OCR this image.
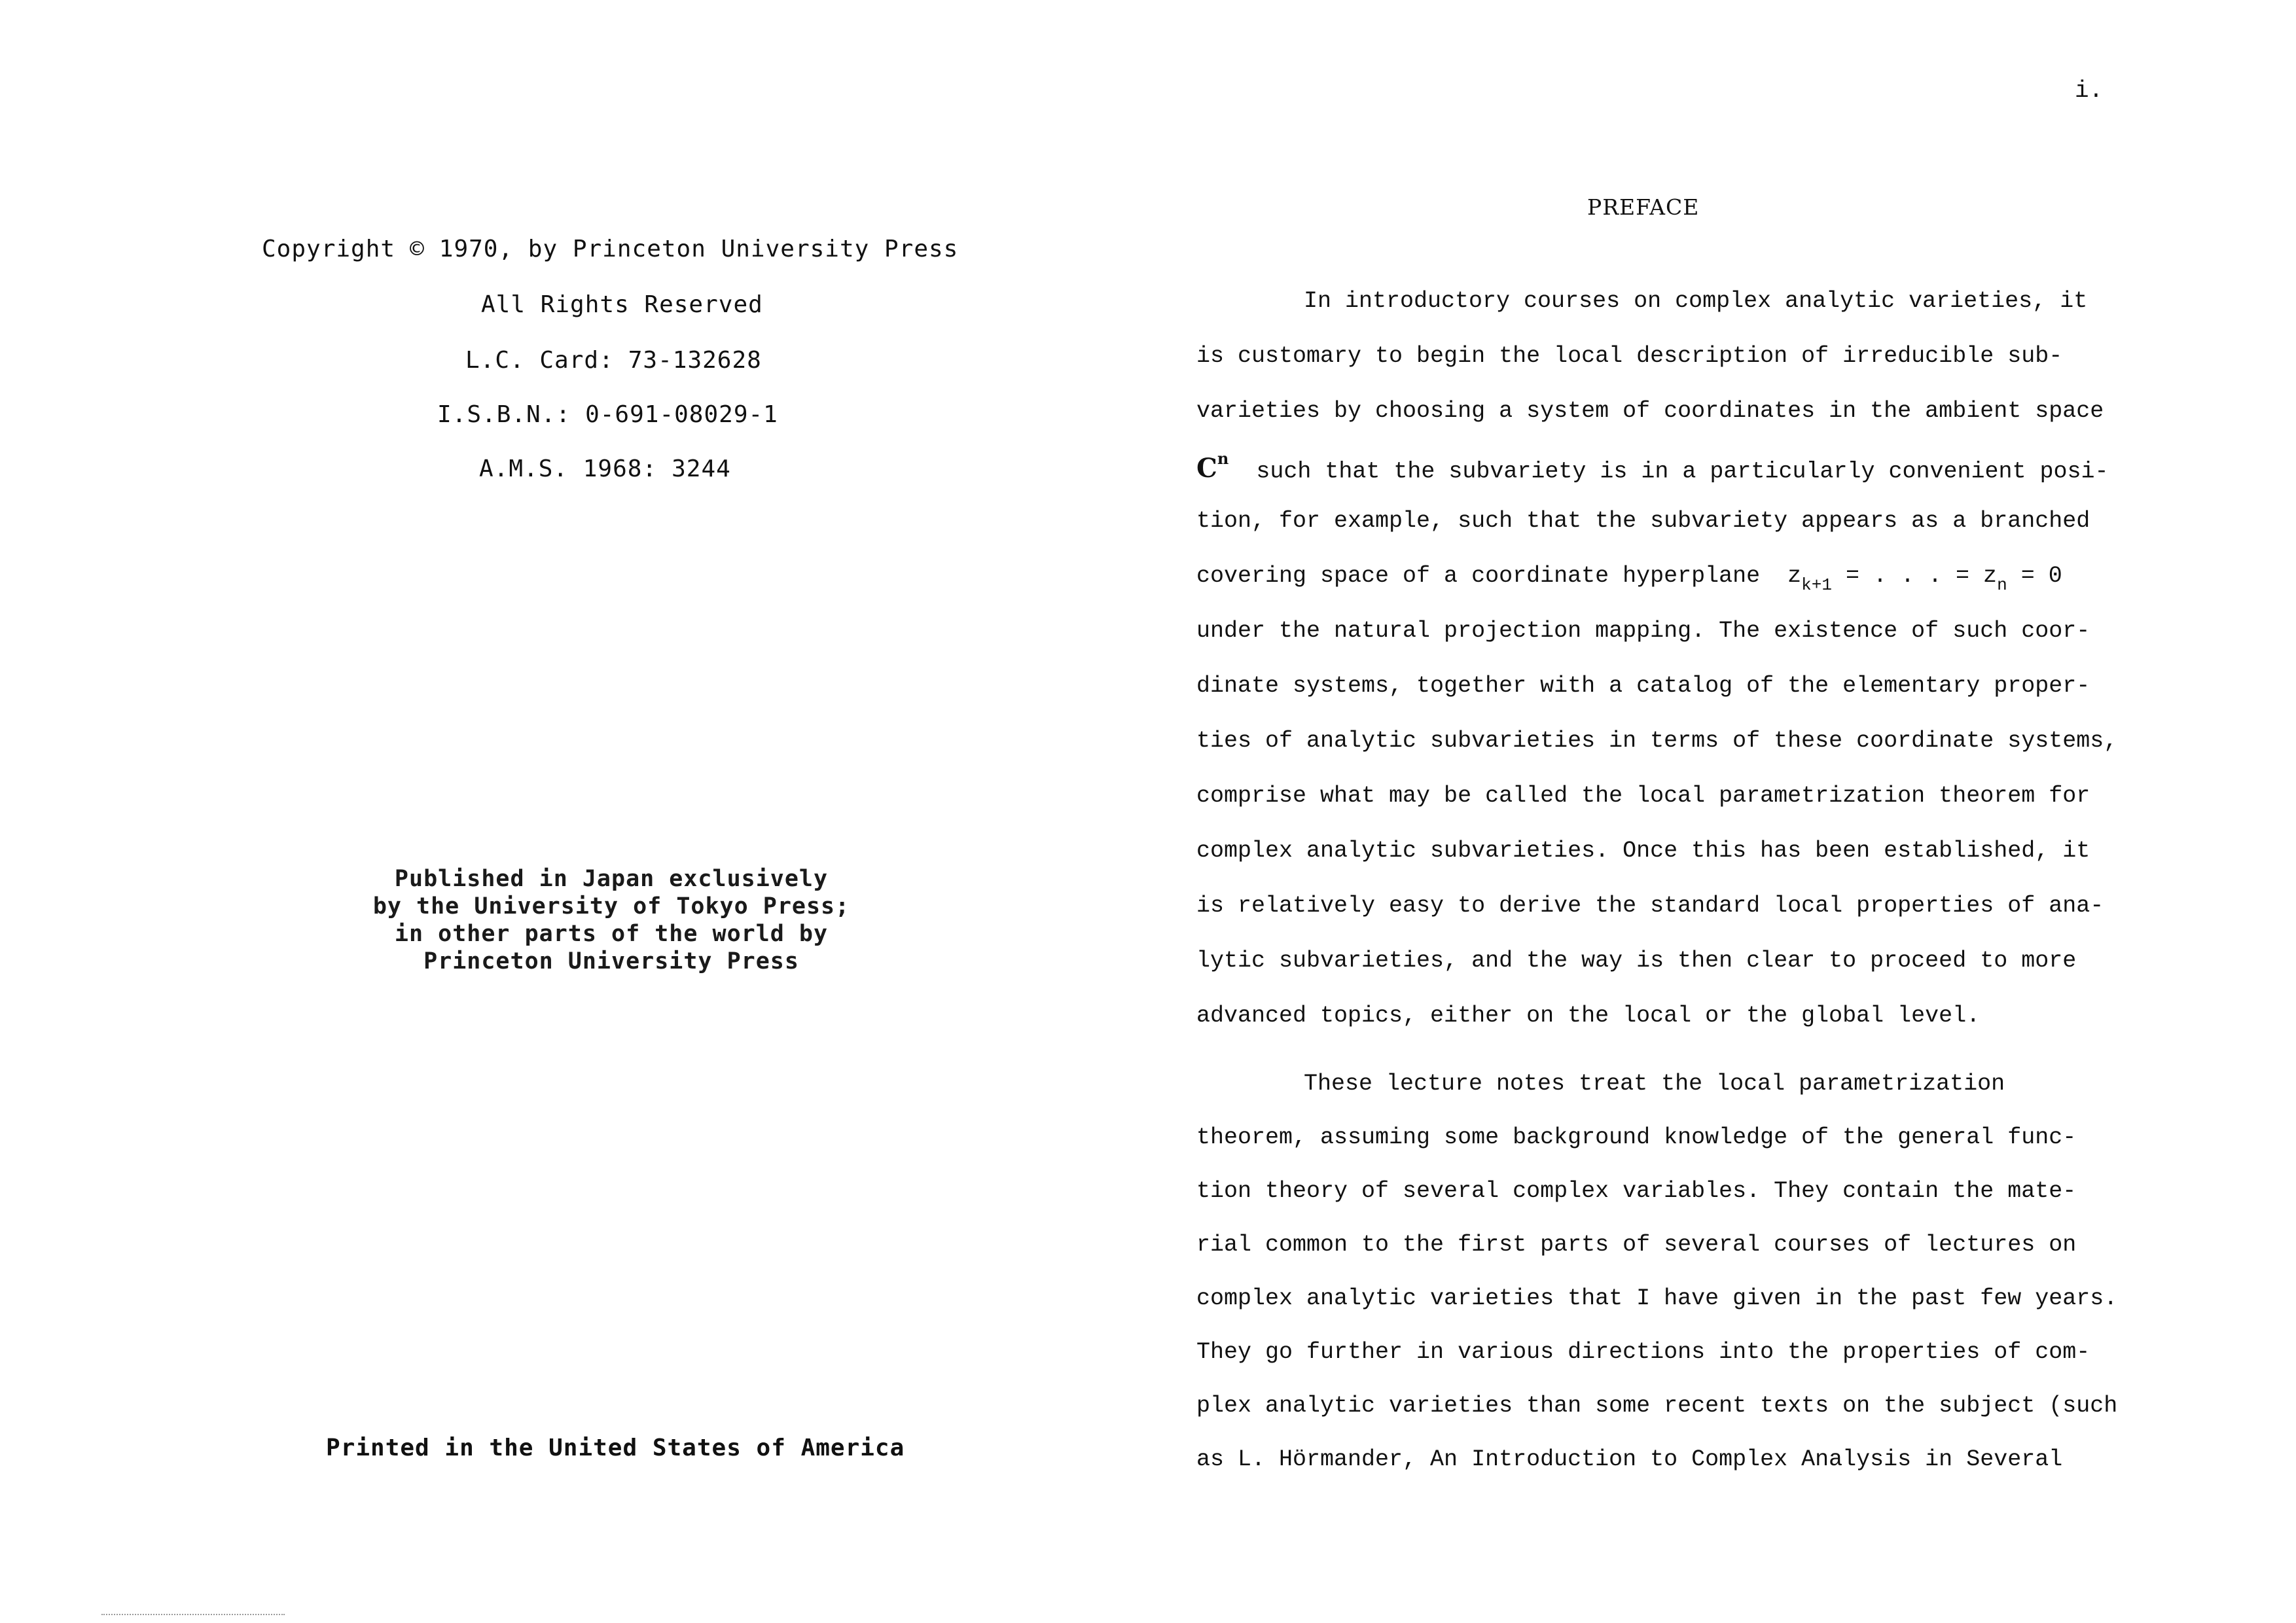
Copyright © 1970, by Princeton University Press
All Rights Reserved
L.C. Card: 73-132628
I.S.B.N.: 0-691-08029-1
A.M.S. 1968: 3244
Published in Japan exclusively
by the University of Tokyo Press;
in other parts of the world by
Princeton University Press
Printed in the United States of America
i.
PREFACE
In introductory courses on complex analytic varieties, it
is customary to begin the local description of irreducible sub-
varieties by choosing a system of coordinates in the ambient space
$C^n$ such that the subvariety is in a particularly convenient posi-
tion, for example, such that the subvariety appears as a branched
covering space of a coordinate hyperplane $z_{k+1}$ = . . . = $z_n = 0$
under the natural projection mapping. The existence of such coor-
dinate systems, together with a catalog of the elementary proper-
ties of analytic subvarieties in terms of these coordinate systems,
comprise what may be called the local parametrization theorem for
complex analytic subvarieties. Once this has been established, it
is relatively easy to derive the standard local properties of ana-
lytic subvarieties, and the way is then clear to proceed to more
advanced topics, either on the local or the global level.
These lecture notes treat the local parametrization
theorem, assuming some background knowledge of the general func-
tion theory of several complex variables. They contain the mate-
rial common to the first parts of several courses of lectures on
complex analytic varieties that I have given in the past few years.
They go further in various directions into the properties of com-
plex analytic varieties than some recent texts on the subject (such
as L. Hörmander, An Introduction to Complex Analysis in Several
